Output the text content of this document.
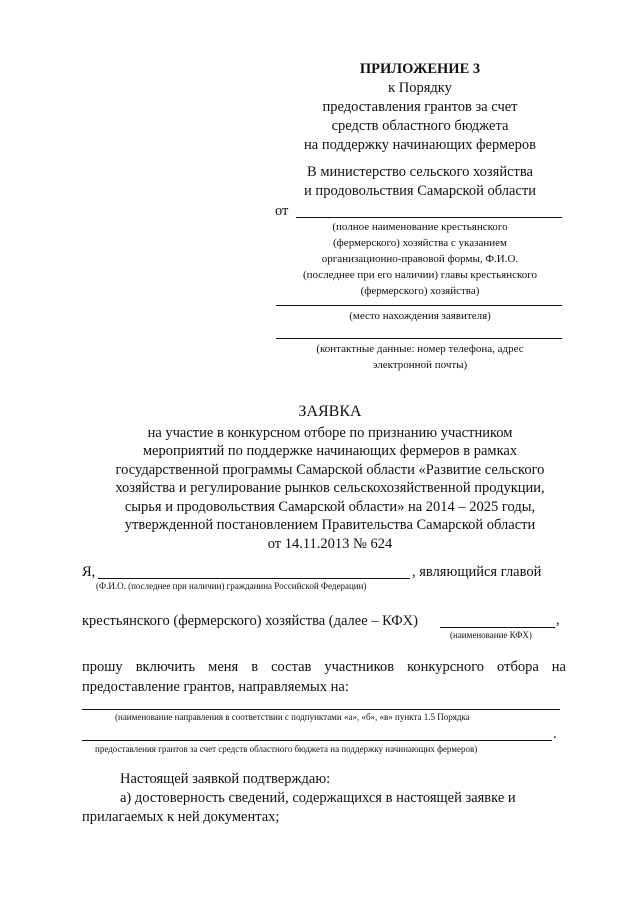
ПРИЛОЖЕНИЕ 3
к Порядку
предоставления грантов за счет
средств областного бюджета
на поддержку начинающих фермеров
В министерство сельского хозяйства
и продовольствия Самарской области
от
(полное наименование крестьянского
(фермерского) хозяйства с указанием
организационно-правовой формы, Ф.И.О.
(последнее при его наличии) главы крестьянского
(фермерского) хозяйства)
(место нахождения заявителя)
(контактные данные: номер телефона, адрес
электронной почты)
ЗАЯВКА
на участие в конкурсном отборе по признанию участником
мероприятий по поддержке начинающих фермеров в рамках
государственной программы Самарской области «Развитие сельского
хозяйства и регулирование рынков сельскохозяйственной продукции,
сырья и продовольствия Самарской области» на 2014 – 2025 годы,
утвержденной постановлением Правительства Самарской области
от 14.11.2013 № 624
Я,	, являющийся главой
(Ф.И.О. (последнее при наличии) гражданина Российской Федерации)
крестьянского (фермерского) хозяйства (далее – КФХ)	,
(наименование КФХ)
прошу включить меня в состав участников конкурсного отбора на
предоставление грантов, направляемых на:
(наименование направления в соответствии с подпунктами «а», «б», «в» пункта 1.5 Порядка
.
предоставления грантов за счет средств областного бюджета на поддержку начинающих фермеров)
Настоящей заявкой подтверждаю:
а) достоверность сведений, содержащихся в настоящей заявке и
прилагаемых к ней документах;
